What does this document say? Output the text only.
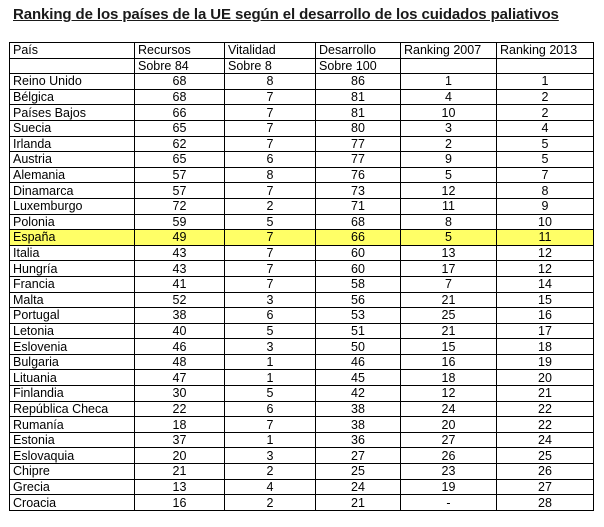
Ranking de los países de la UE según el desarrollo de los cuidados paliativos
País	Recursos	Vitalidad	Desarrollo	Ranking 2007	Ranking 2013
	Sobre 84	Sobre 8	Sobre 100		
Reino Unido	68	8	86	1	1
Bélgica	68	7	81	4	2
Países Bajos	66	7	81	10	2
Suecia	65	7	80	3	4
Irlanda	62	7	77	2	5
Austria	65	6	77	9	5
Alemania	57	8	76	5	7
Dinamarca	57	7	73	12	8
Luxemburgo	72	2	71	11	9
Polonia	59	5	68	8	10
España	49	7	66	5	11
Italia	43	7	60	13	12
Hungría	43	7	60	17	12
Francia	41	7	58	7	14
Malta	52	3	56	21	15
Portugal	38	6	53	25	16
Letonia	40	5	51	21	17
Eslovenia	46	3	50	15	18
Bulgaria	48	1	46	16	19
Lituania	47	1	45	18	20
Finlandia	30	5	42	12	21
República Checa	22	6	38	24	22
Rumanía	18	7	38	20	22
Estonia	37	1	36	27	24
Eslovaquia	20	3	27	26	25
Chipre	21	2	25	23	26
Grecia	13	4	24	19	27
Croacia	16	2	21	-	28
